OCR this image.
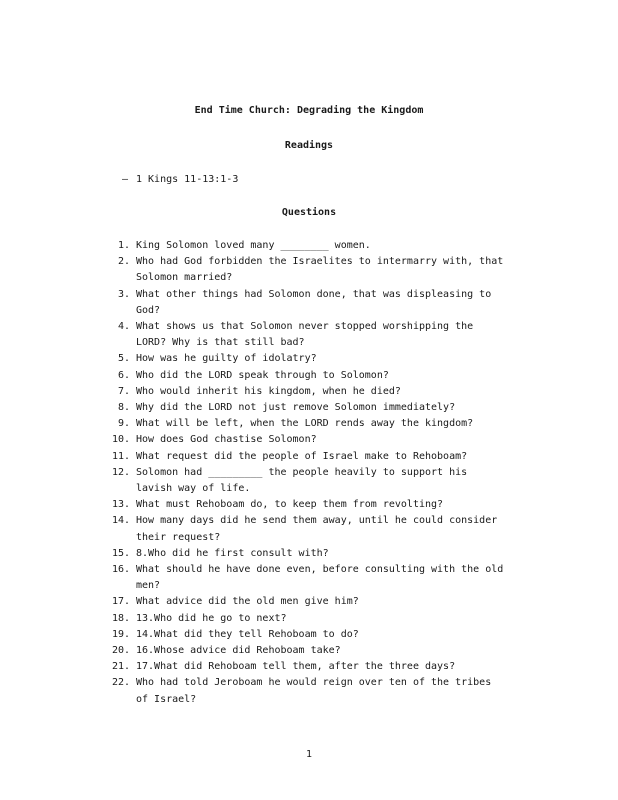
End Time Church: Degrading the Kingdom
Readings
– 1 Kings 11-13:1-3
Questions
1. King Solomon loved many ________ women.
2. Who had God forbidden the Israelites to intermarry with, that Solomon married?
3. What other things had Solomon done, that was displeasing to God?
4. What shows us that Solomon never stopped worshipping the LORD? Why is that still bad?
5. How was he guilty of idolatry?
6. Who did the LORD speak through to Solomon?
7. Who would inherit his kingdom, when he died?
8. Why did the LORD not just remove Solomon immediately?
9. What will be left, when the LORD rends away the kingdom?
10. How does God chastise Solomon?
11. What request did the people of Israel make to Rehoboam?
12. Solomon had _________ the people heavily to support his lavish way of life.
13. What must Rehoboam do, to keep them from revolting?
14. How many days did he send them away, until he could consider their request?
15. 8.Who did he first consult with?
16. What should he have done even, before consulting with the old men?
17. What advice did the old men give him?
18. 13.Who did he go to next?
19. 14.What did they tell Rehoboam to do?
20. 16.Whose advice did Rehoboam take?
21. 17.What did Rehoboam tell them, after the three days?
22. Who had told Jeroboam he would reign over ten of the tribes of Israel?
1
